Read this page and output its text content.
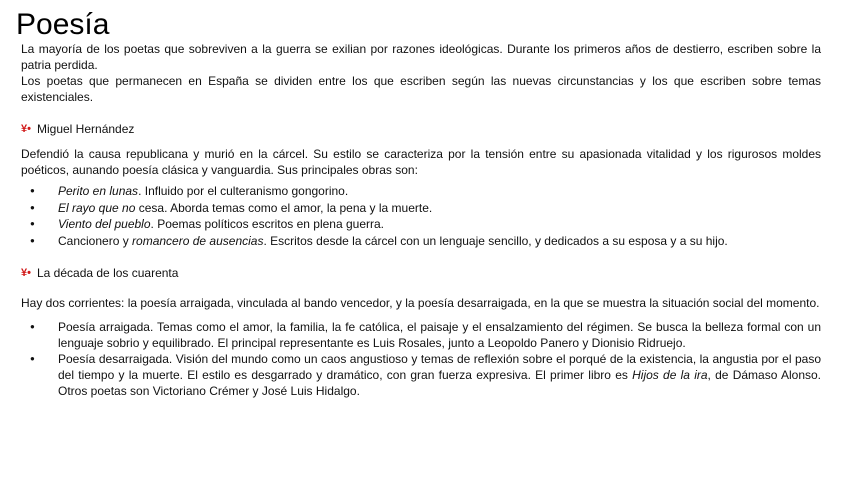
Poesía

La mayoría de los poetas que sobreviven a la guerra se exilian por razones ideológicas. Durante los primeros años de destierro, escriben sobre la patria perdida.

Los poetas que permanecen en España se dividen entre los que escriben según las nuevas circunstancias y los que escriben sobre temas existenciales.

¥• Miguel Hernández

Defendió la causa republicana y murió en la cárcel. Su estilo se caracteriza por la tensión entre su apasionada vitalidad y los rigurosos moldes poéticos, aunando poesía clásica y vanguardia. Sus principales obras son:

● Perito en lunas. Influido por el culteranismo gongorino.
● El rayo que no cesa. Aborda temas como el amor, la pena y la muerte.
● Viento del pueblo. Poemas políticos escritos en plena guerra.
● Cancionero y romancero de ausencias. Escritos desde la cárcel con un lenguaje sencillo, y dedicados a su esposa y a su hijo.
¥• La década de los cuarenta

Hay dos corrientes: la poesía arraigada, vinculada al bando vencedor, y la poesía desarraigada, en la que se muestra la situación social del momento.

● Poesía arraigada. Temas como el amor, la familia, la fe católica, el paisaje y el ensalzamiento del régimen. Se busca la belleza formal con un lenguaje sobrio y equilibrado. El principal representante es Luis Rosales, junto a Leopoldo Panero y Dionisio Ridruejo.
● Poesía desarraigada. Visión del mundo como un caos angustioso y temas de reflexión sobre el porqué de la existencia, la angustia por el paso del tiempo y la muerte. El estilo es desgarrado y dramático, con gran fuerza expresiva. El primer libro es Hijos de la ira, de Dámaso Alonso. Otros poetas son Victoriano Crémer y José Luis Hidalgo.
